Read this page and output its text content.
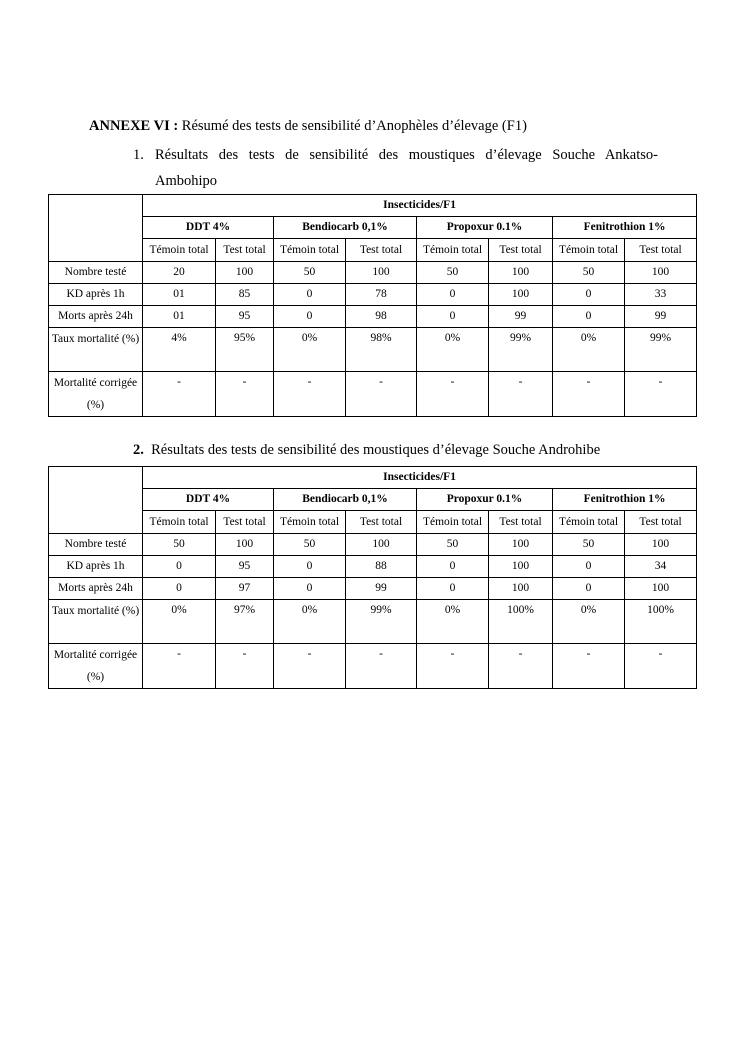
ANNEXE VI : Résumé des tests de sensibilité d’Anophèles d’élevage (F1)
1. Résultats des tests de sensibilité des moustiques d’élevage Souche Ankatso-
Ambohipo
	Insecticides/F1							
	DDT 4%		Bendiocarb 0,1%		Propoxur 0.1%		Fenitrothion 1%	
	Témoin total	Test total	Témoin total	Test total	Témoin total	Test total	Témoin total	Test total
Nombre testé	20	100	50	100	50	100	50	100
KD après 1h	01	85	0	78	0	100	0	33
Morts après 24h	01	95	0	98	0	99	0	99
Taux mortalité (%)	4%	95%	0%	98%	0%	99%	0%	99%
Mortalité corrigée (%)	-	-	-	-	-	-	-	-
2. Résultats des tests de sensibilité des moustiques d’élevage Souche Androhibe
	Insecticides/F1							
	DDT 4%		Bendiocarb 0,1%		Propoxur 0.1%		Fenitrothion 1%	
	Témoin total	Test total	Témoin total	Test total	Témoin total	Test total	Témoin total	Test total
Nombre testé	50	100	50	100	50	100	50	100
KD après 1h	0	95	0	88	0	100	0	34
Morts après 24h	0	97	0	99	0	100	0	100
Taux mortalité (%)	0%	97%	0%	99%	0%	100%	0%	100%
Mortalité corrigée (%)	-	-	-	-	-	-	-	-
